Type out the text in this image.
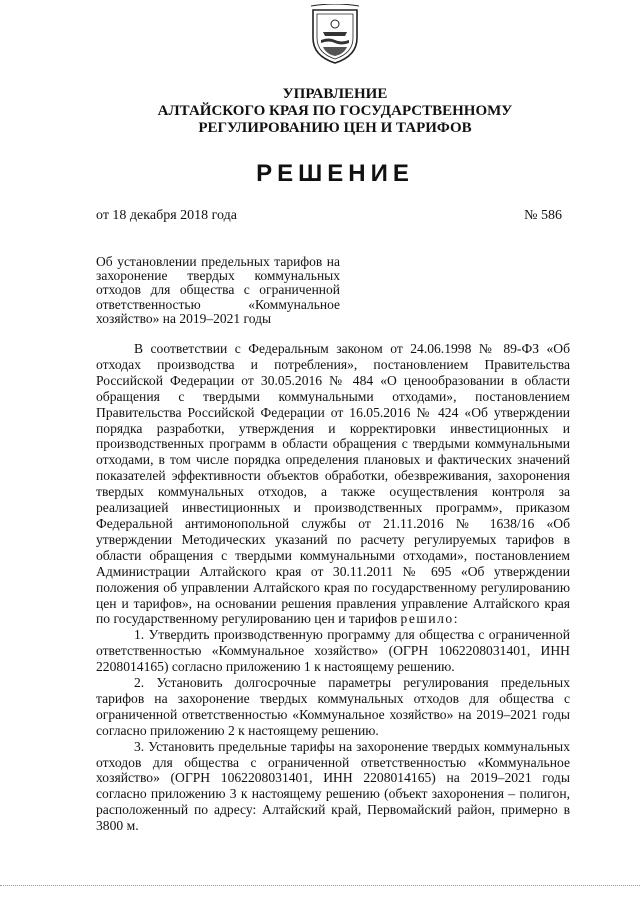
УПРАВЛЕНИЕ
АЛТАЙСКОГО КРАЯ ПО ГОСУДАРСТВЕННОМУ
РЕГУЛИРОВАНИЮ ЦЕН И ТАРИФОВ
РЕШЕНИЕ
от 18 декабря 2018 года	№ 586
Об установлении предельных тарифов на захоронение твердых коммунальных отходов для общества с ограниченной ответственностью «Коммунальное хозяйство» на 2019–2021 годы

В соответствии с Федеральным законом от 24.06.1998 № 89-ФЗ «Об отходах производства и потребления», постановлением Правительства Российской Федерации от 30.05.2016 № 484 «О ценообразовании в области обращения с твердыми коммунальными отходами», постановлением Правительства Российской Федерации от 16.05.2016 № 424 «Об утверждении порядка разработки, утверждения и корректировки инвестиционных и производственных программ в области обращения с твердыми коммунальными отходами, в том числе порядка определения плановых и фактических значений показателей эффективности объектов обработки, обезвреживания, захоронения твердых коммунальных отходов, а также осуществления контроля за реализацией инвестиционных и производственных программ», приказом Федеральной антимонопольной службы от 21.11.2016 № 1638/16 «Об утверждении Методических указаний по расчету регулируемых тарифов в области обращения с твердыми коммунальными отходами», постановлением Администрации Алтайского края от 30.11.2011 № 695 «Об утверждении положения об управлении Алтайского края по государственному регулированию цен и тарифов», на основании решения правления управление Алтайского края по государственному регулированию цен и тарифов решило:

1. Утвердить производственную программу для общества с ограниченной ответственностью «Коммунальное хозяйство» (ОГРН 1062208031401, ИНН 2208014165) согласно приложению 1 к настоящему решению.

2. Установить долгосрочные параметры регулирования предельных тарифов на захоронение твердых коммунальных отходов для общества с ограниченной ответственностью «Коммунальное хозяйство» на 2019–2021 годы согласно приложению 2 к настоящему решению.

3. Установить предельные тарифы на захоронение твердых коммунальных отходов для общества с ограниченной ответственностью «Коммунальное хозяйство» (ОГРН 1062208031401, ИНН 2208014165) на 2019–2021 годы согласно приложению 3 к настоящему решению (объект захоронения – полигон, расположенный по адресу: Алтайский край, Первомайский район, примерно в 3800 м.
